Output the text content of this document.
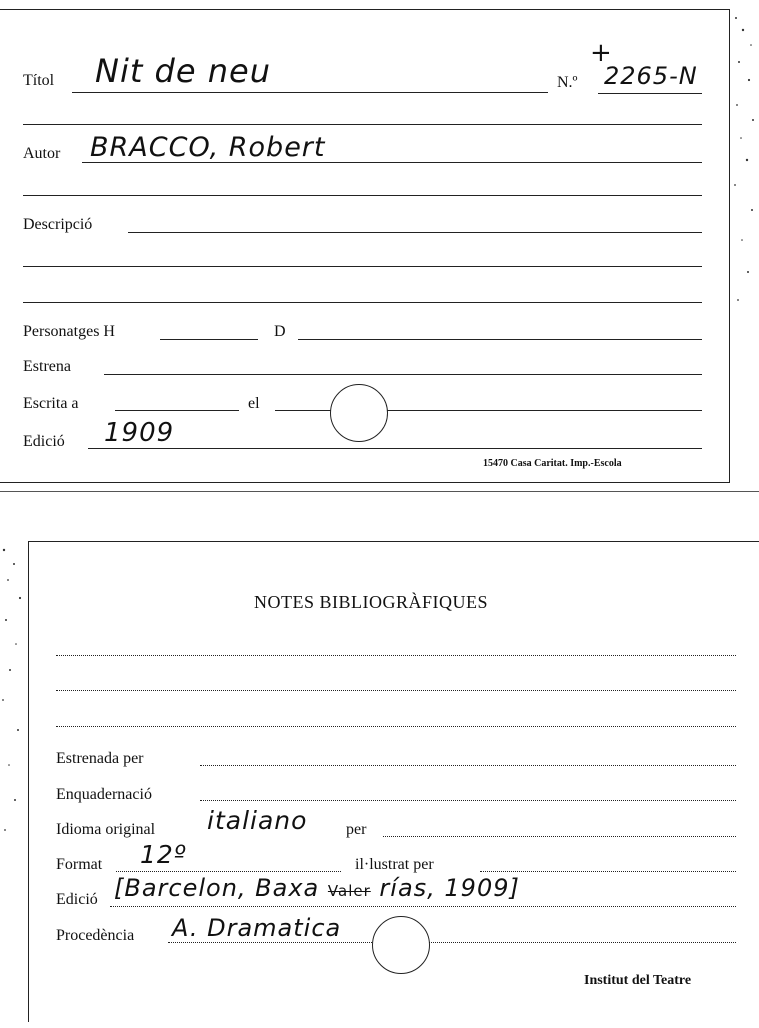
Títol Nit de neu	N.º
+
2265-N
Autor BRACCO, Robert
Descripció
Personatges H	D
Estrena
Escrita a	el
Edició 1909
15470 Casa Caritat. Imp.-Escola
NOTES BIBLIOGRÀFIQUES
Estrenada per
Enquadernació
Idioma original italiano per
Format 12º	il·lustrat per
Edició [Barcelon, Baxa Valer rías, 1909]
Procedència A. Dramatica
Institut del Teatre
